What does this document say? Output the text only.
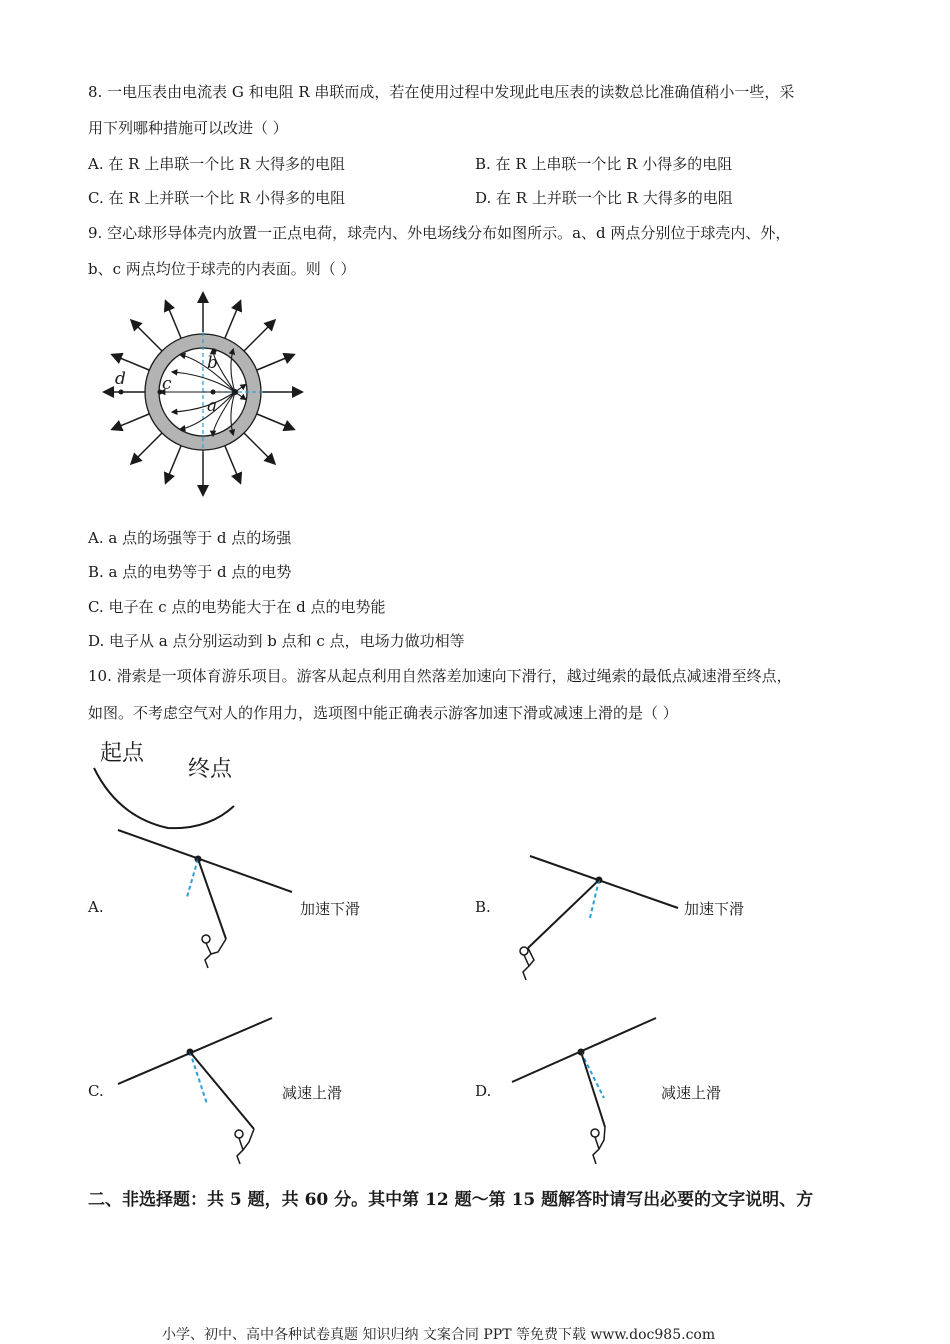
8. 一电压表由电流表 G 和电阻 R 串联而成，若在使用过程中发现此电压表的读数总比准确值稍小一些，采
用下列哪种措施可以改进（ ）
A. 在 R 上串联一个比 R 大得多的电阻	B. 在 R 上串联一个比 R 小得多的电阻
C. 在 R 上并联一个比 R 小得多的电阻	D. 在 R 上并联一个比 R 大得多的电阻
9. 空心球形导体壳内放置一正点电荷，球壳内、外电场线分布如图所示。a、d 两点分别位于球壳内、外，
b、c 两点均位于球壳的内表面。则（ ）
a
b
c
d
A. a 点的场强等于 d 点的场强
B. a 点的电势等于 d 点的电势
C. 电子在 c 点的电势能大于在 d 点的电势能
D. 电子从 a 点分别运动到 b 点和 c 点，电场力做功相等
10. 滑索是一项体育游乐项目。游客从起点利用自然落差加速向下滑行，越过绳索的最低点减速滑至终点，
如图。不考虑空气对人的作用力，选项图中能正确表示游客加速下滑或减速上滑的是（ ）
起点
终点
A.	加速下滑	B.	加速下滑
C.	减速上滑	D.	减速上滑
二、非选择题：共 5 题，共 60 分。其中第 12 题～第 15 题解答时请写出必要的文字说明、方
小学、初中、高中各种试卷真题 知识归纳 文案合同 PPT 等免费下载 www.doc985.com
